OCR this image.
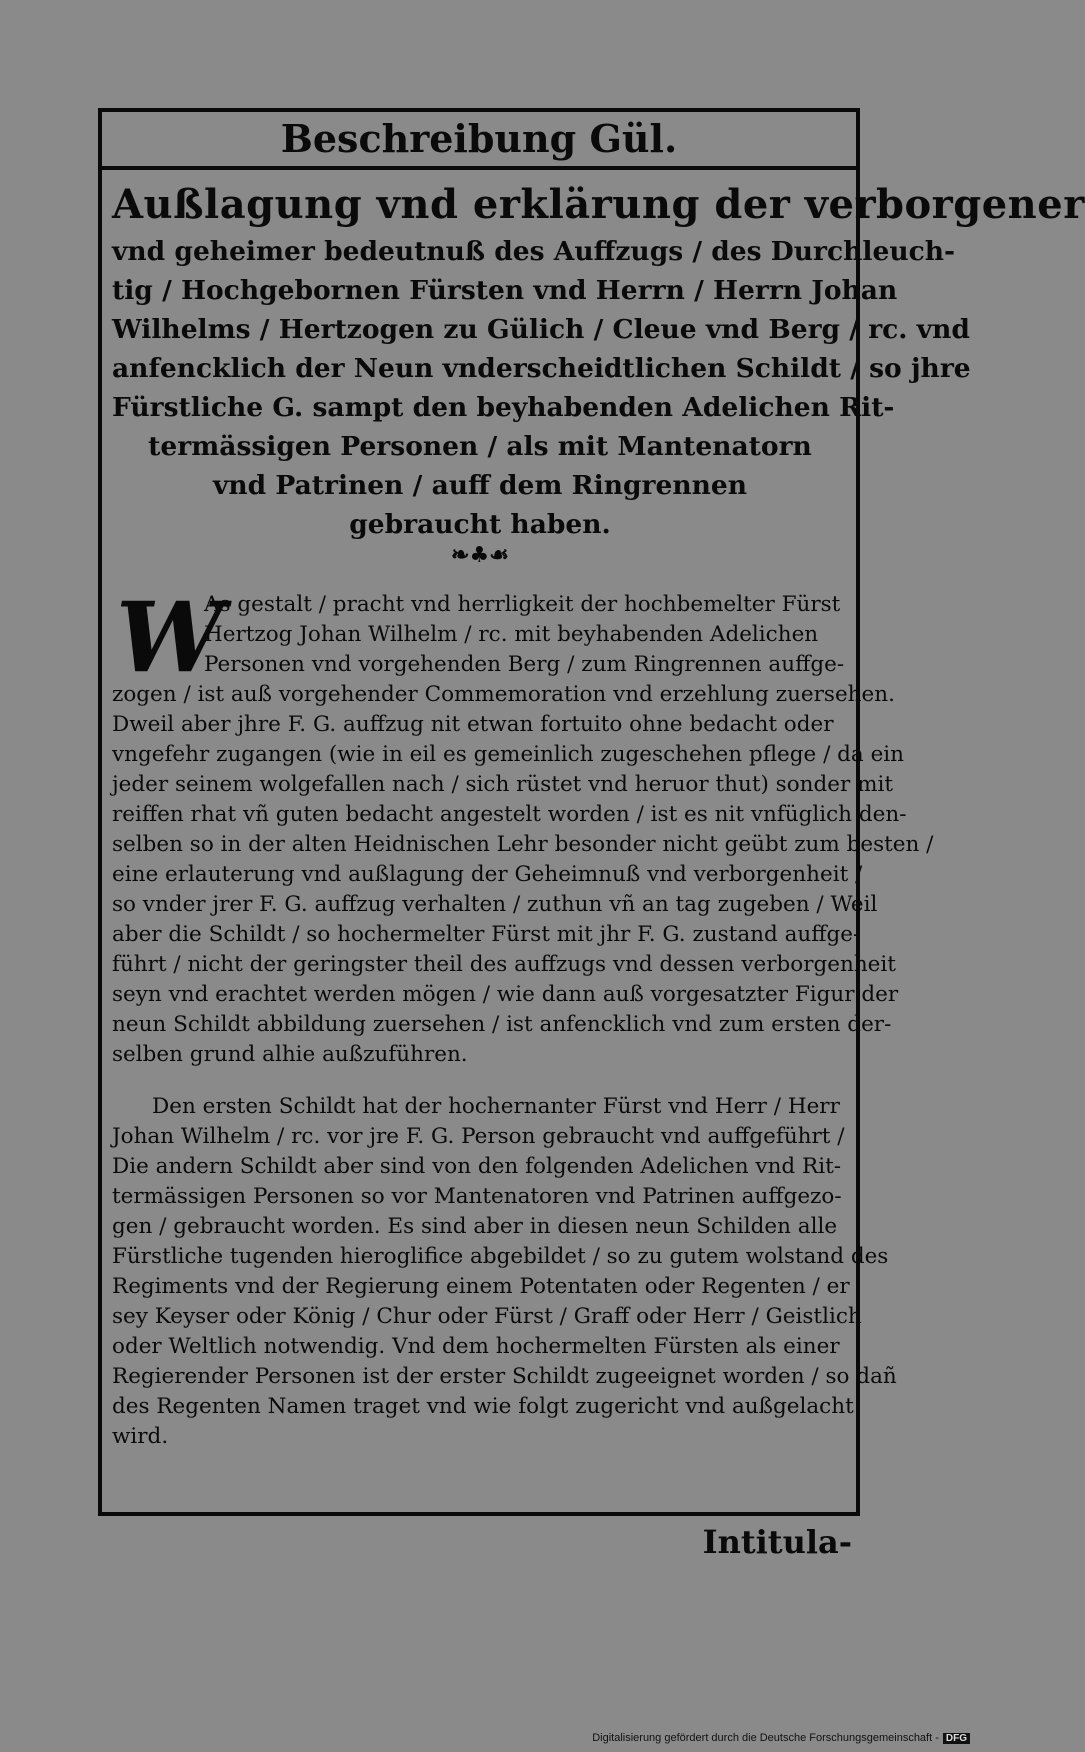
Beschreibung Gül.

Außlagung vnd erklärung der verborgener

vnd geheimer bedeutnuß des Auffzugs / des Durchleuch-

tig / Hochgebornen Fürsten vnd Herrn / Herrn Johan

Wilhelms / Hertzogen zu Gülich / Cleue vnd Berg / rc. vnd

anfencklich der Neun vnderscheidtlichen Schildt / so jhre

Fürstliche G. sampt den beyhabenden Adelichen Rit-

termässigen Personen / als mit Mantenatorn

vnd Patrinen / auff dem Ringrennen

gebraucht haben.

❧♣☙
W
As gestalt / pracht vnd herrligkeit der hochbemelter Fürst
Hertzog Johan Wilhelm / rc. mit beyhabenden Adelichen
Personen vnd vorgehenden Berg / zum Ringrennen auffge-
zogen / ist auß vorgehender Commemoration vnd erzehlung zuersehen.
Dweil aber jhre F. G. auffzug nit etwan fortuito ohne bedacht oder
vngefehr zugangen (wie in eil es gemeinlich zugeschehen pflege / da ein
jeder seinem wolgefallen nach / sich rüstet vnd heruor thut) sonder mit
reiffen rhat vñ guten bedacht angestelt worden / ist es nit vnfüglich den-
selben so in der alten Heidnischen Lehr besonder nicht geübt zum besten /
eine erlauterung vnd außlagung der Geheimnuß vnd verborgenheit /
so vnder jrer F. G. auffzug verhalten / zuthun vñ an tag zugeben / Weil
aber die Schildt / so hochermelter Fürst mit jhr F. G. zustand auffge-
führt / nicht der geringster theil des auffzugs vnd dessen verborgenheit
seyn vnd erachtet werden mögen / wie dann auß vorgesatzter Figur der
neun Schildt abbildung zuersehen / ist anfencklich vnd zum ersten der-
selben grund alhie außzuführen.
Den ersten Schildt hat der hochernanter Fürst vnd Herr / Herr
Johan Wilhelm / rc. vor jre F. G. Person gebraucht vnd auffgeführt /
Die andern Schildt aber sind von den folgenden Adelichen vnd Rit-
termässigen Personen so vor Mantenatoren vnd Patrinen auffgezo-
gen / gebraucht worden. Es sind aber in diesen neun Schilden alle
Fürstliche tugenden hieroglifice abgebildet / so zu gutem wolstand des
Regiments vnd der Regierung einem Potentaten oder Regenten / er
sey Keyser oder König / Chur oder Fürst / Graff oder Herr / Geistlich
oder Weltlich notwendig. Vnd dem hochermelten Fürsten als einer
Regierender Personen ist der erster Schildt zugeeignet worden / so dañ
des Regenten Namen traget vnd wie folgt zugericht vnd außgelacht
wird.
Intitula-
Digitalisierung gefördert durch die Deutsche Forschungsgemeinschaft - DFG
